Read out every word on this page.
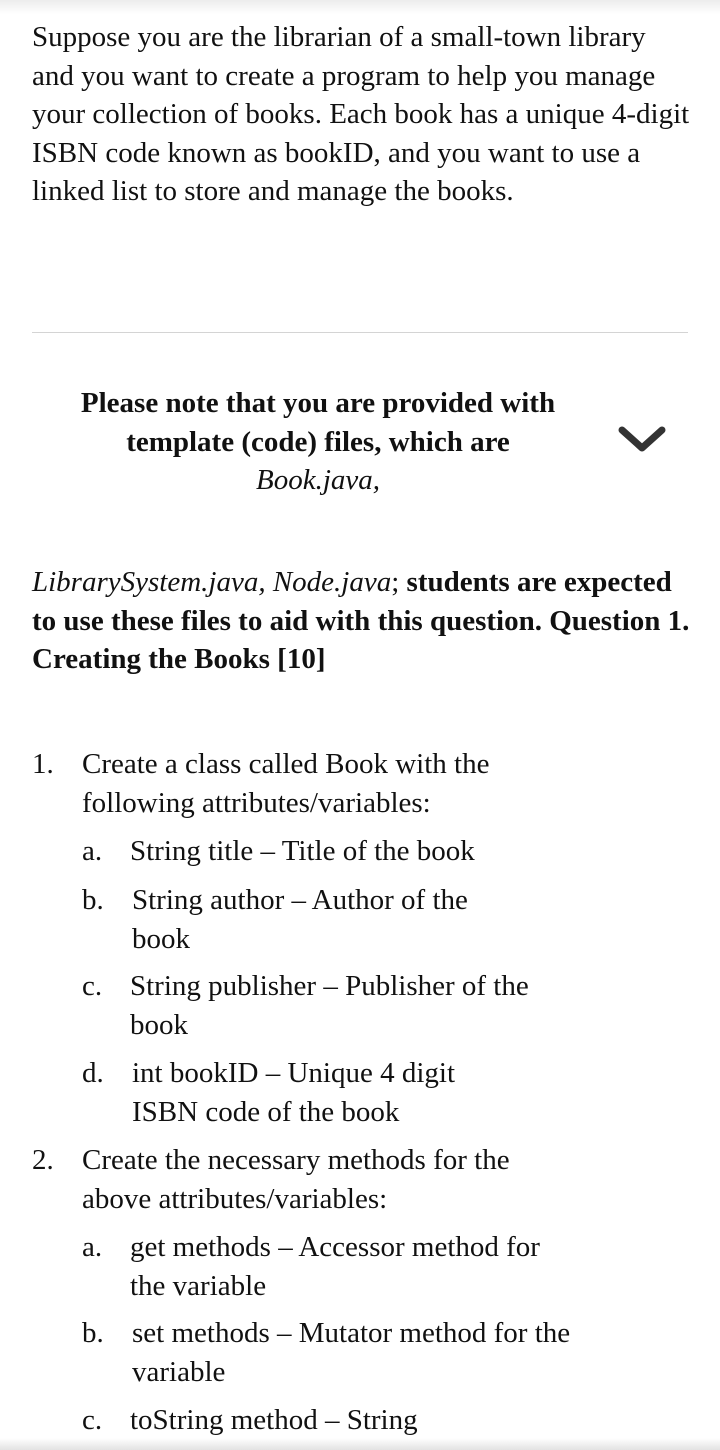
Suppose you are the librarian of a small-town library and you want to create a program to help you manage your collection of books. Each book has a unique 4-digit ISBN code known as bookID, and you want to use a linked list to store and manage the books.

Please note that you are provided with
template (code) files, which are
Book.java,

LibrarySystem.java, Node.java; students are expected to use these files to aid with this question. Question 1. Creating the Books [10]

1. Create a class called Book with the following attributes/variables:
a. String title – Title of the book
b. String author – Author of the book
c. String publisher – Publisher of the book
d. int bookID – Unique 4 digit ISBN code of the book
2. Create the necessary methods for the above attributes/variables:
a. get methods – Accessor method for the variable
b. set methods – Mutator method for the variable
c. toString method – String
